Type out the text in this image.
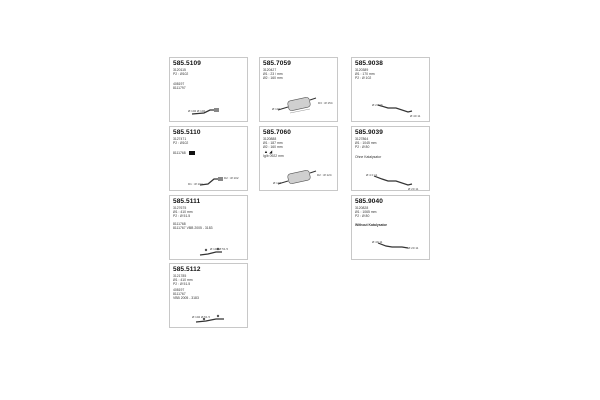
585.5109
3120115
P2 : Ø102
408197
8111797
Ø 102 Ø 102
585.7059
3120427
Ø1 : 23 / mm
Ø2 : 160 mm
Ø 102
D3 : Ø 154
585.9038
3120389
Ø1 : 170 mm
P2 : Ø 102
Ø 20 16
Ø 40 11
585.5110
3127471
P2 : Ø102
8111768
D1 : Ø 102
D2 : Ø 102
585.7060
3120888
Ø1 : 187 mm
Ø2 : 160 mm
▲ ◢
Ig/b 0922 mm
Ø 102
D2 : Ø 124
585.9039
3127864
Ø1 : 1045 mm
P2 : Ø 80
Ohne Katalysator
Ø 4 0 11
Ø 20 11
585.5111
3127675
Ø1 : 410 mm
P2 : Ø 51.5
8111768
8111767 VBB 2005 - 3183
Ø 102 Ø 51.5
585.9040
3120828
Ø1 : 1065 mm
P2 : Ø 80
Without Katalysator
Ø 40 11
Ø 20 11
585.5112
3121785
Ø1 : 410 mm
P2 : Ø 51.5
408197
8111767
VBB 2005 - 3183
Ø 102 Ø 51.5
